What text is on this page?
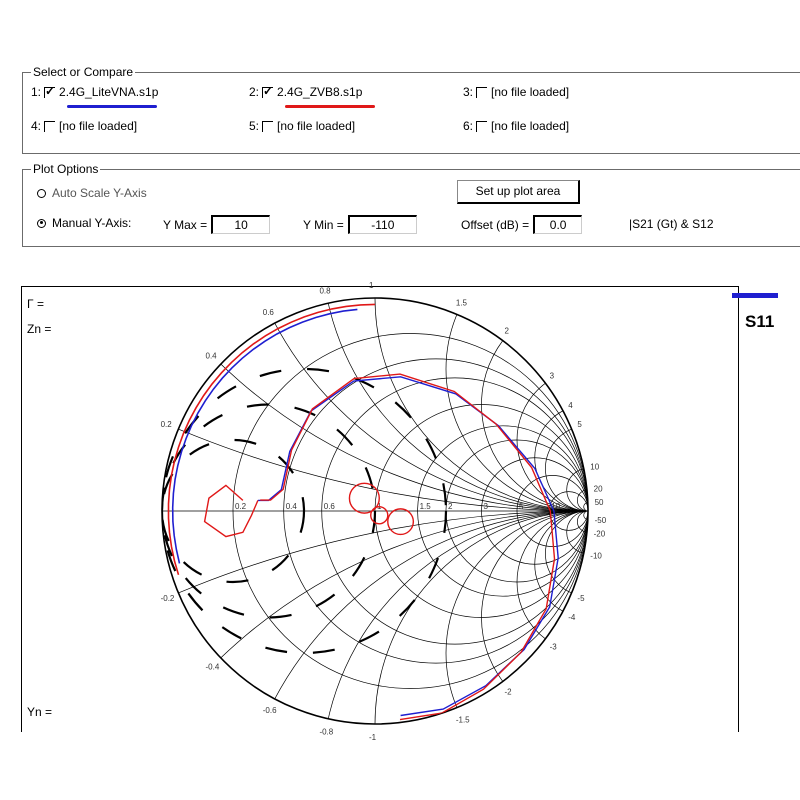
Select or Compare
1: ✓ 2.4G_LiteVNA.s1p	2: ✓ 2.4G_ZVB8.s1p	3: [no file loaded]
4: [no file loaded]	5: [no file loaded]	6: [no file loaded]
Plot Options
Auto Scale Y-Axis	Set up plot area
Manual Y-Axis:	Y Max =	10	Y Min =	-110	Offset (dB) =	0.0	|S21 (Gt) & S12
Γ =
Zn =
Yn =
S11
0.2	0.4	0.6	1	1.5 2	3	5	10
0.2
0.4
0.6
0.8
1
1.5
2
3
4
5
10
20
50
-0.2
-0.4
-0.6
-0.8
-1
-1.5
-2
-3
-4
-5
-10
-20
-50
